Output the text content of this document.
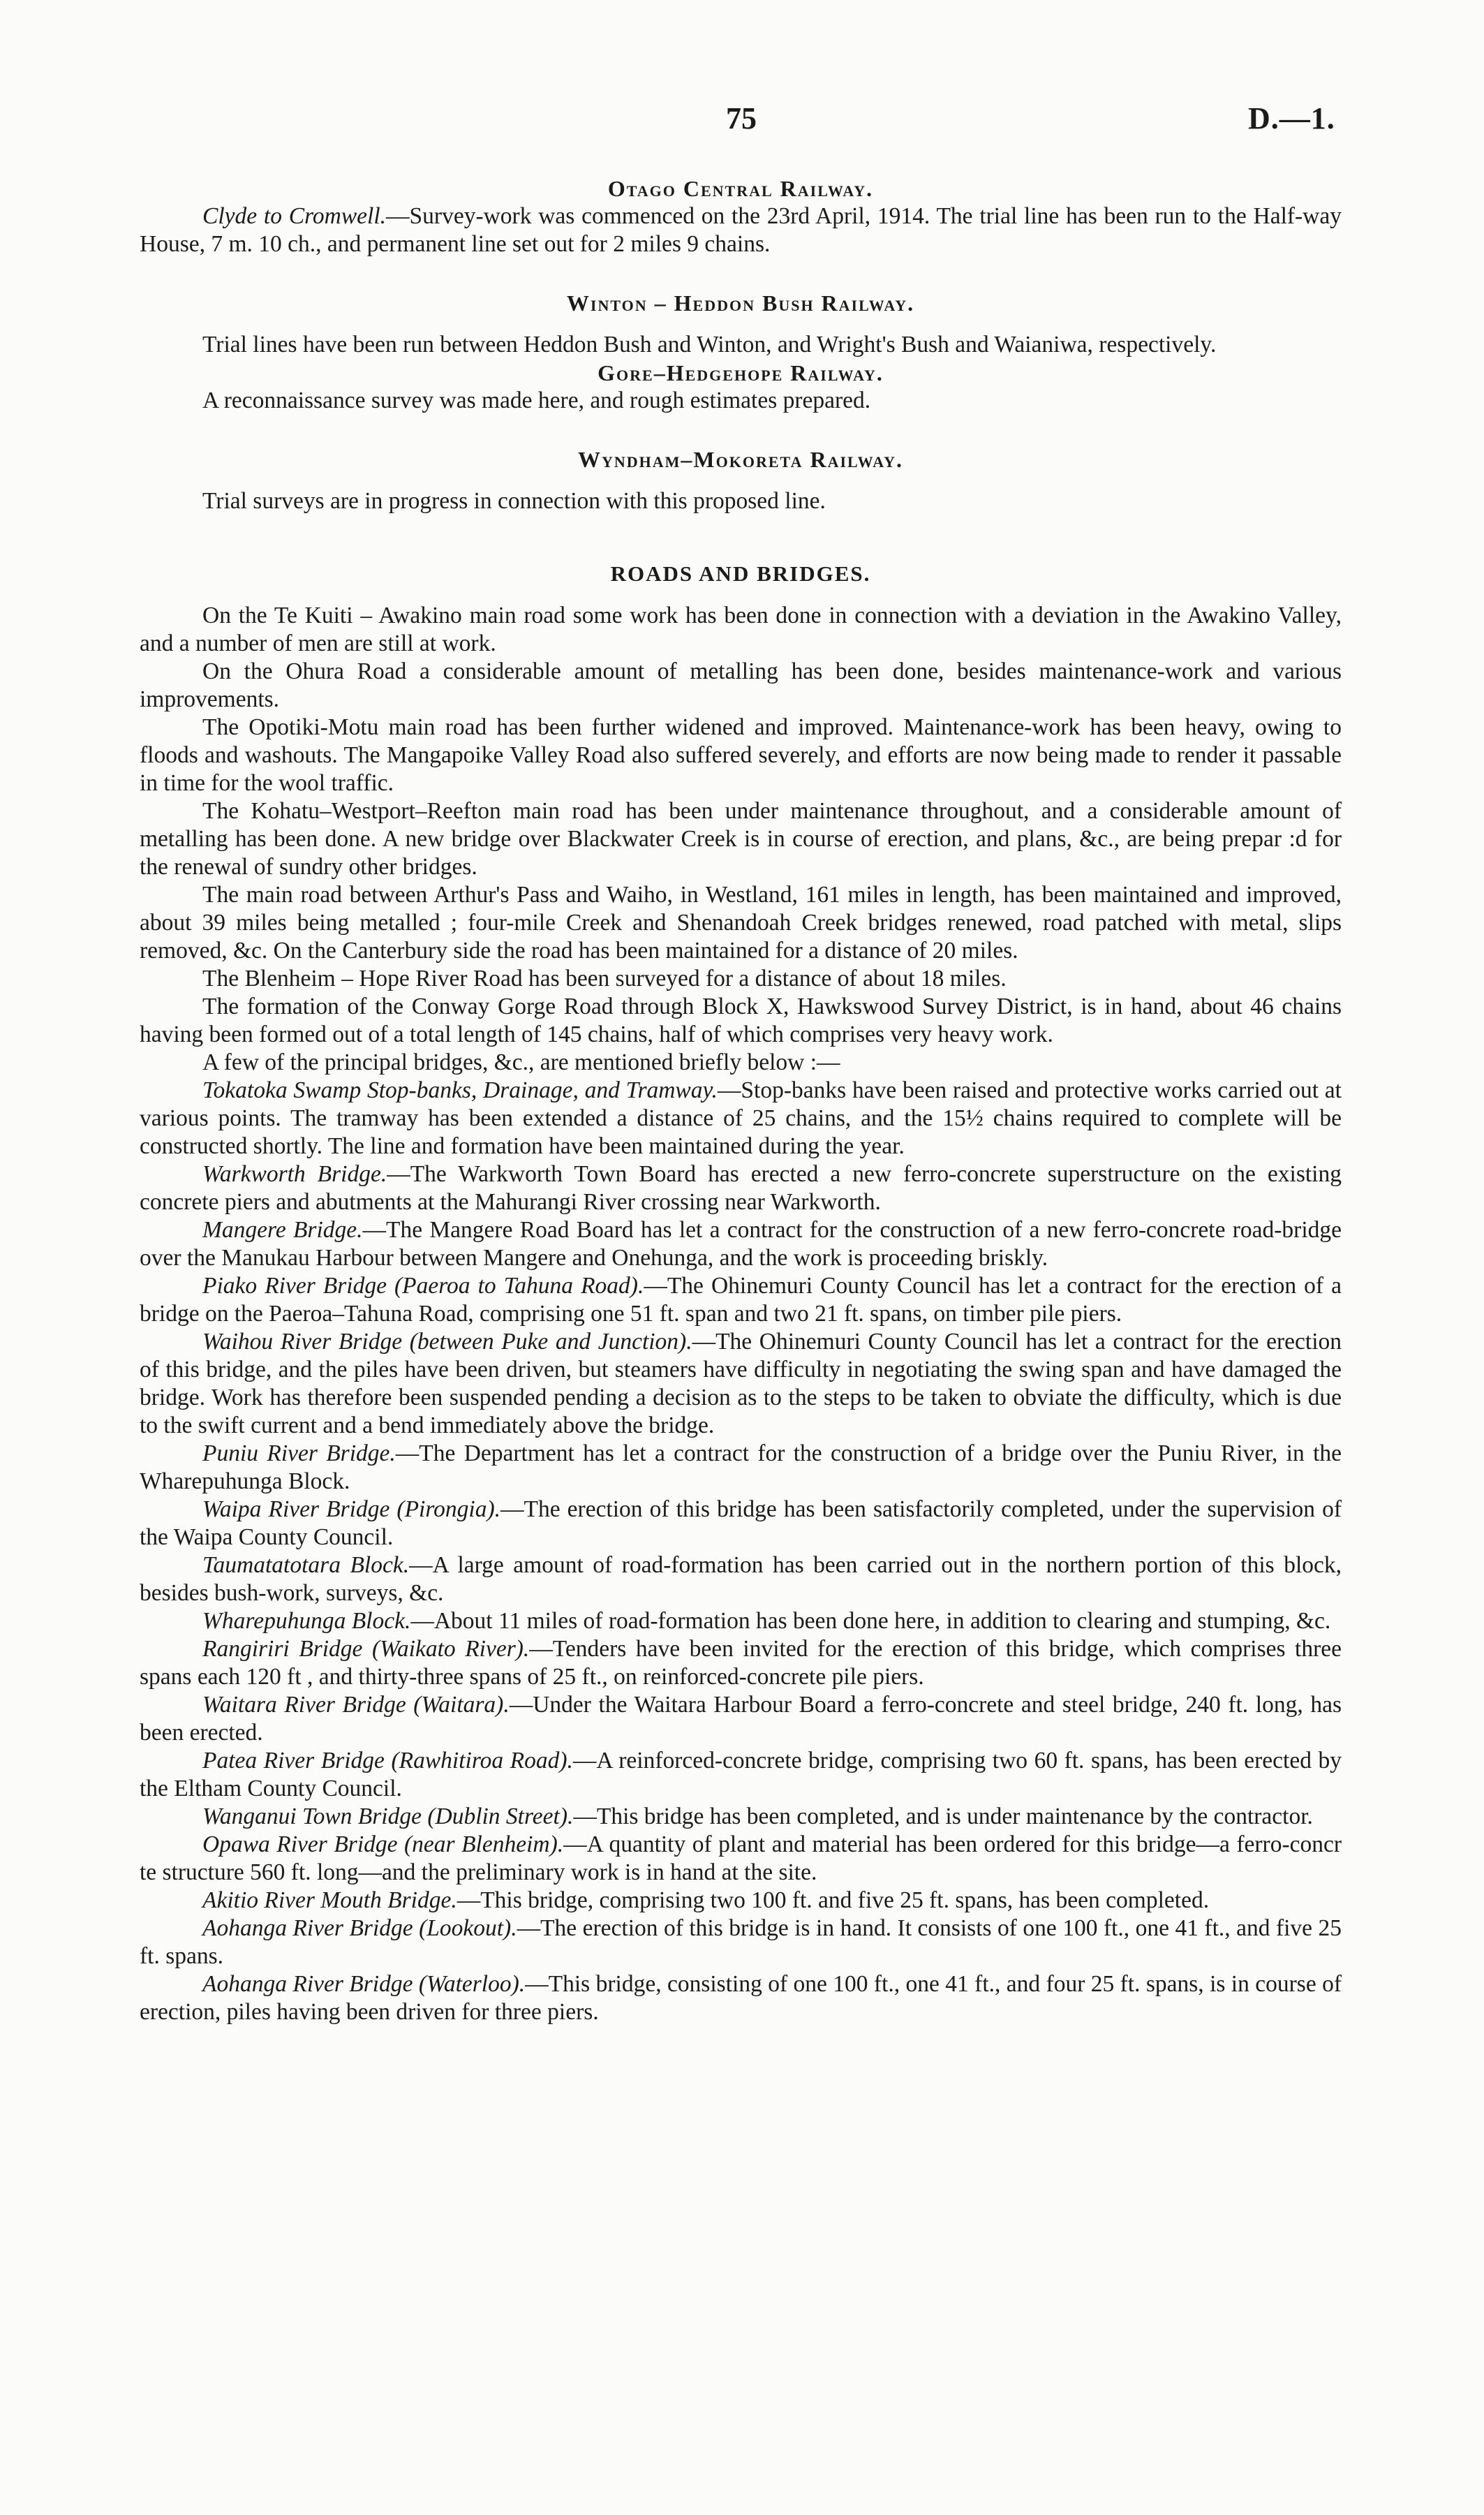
75	D.—1.
Otago Central Railway.

Clyde to Cromwell.—Survey-work was commenced on the 23rd April, 1914. The trial line has been run to the Half-way House, 7 m. 10 ch., and permanent line set out for 2 miles 9 chains.

Winton – Heddon Bush Railway.

Trial lines have been run between Heddon Bush and Winton, and Wright's Bush and Waianiwa, respectively.

Gore–Hedgehope Railway.

A reconnaissance survey was made here, and rough estimates prepared.

Wyndham–Mokoreta Railway.

Trial surveys are in progress in connection with this proposed line.

ROADS AND BRIDGES.

On the Te Kuiti – Awakino main road some work has been done in connection with a deviation in the Awakino Valley, and a number of men are still at work.

On the Ohura Road a considerable amount of metalling has been done, besides maintenance-work and various improvements.

The Opotiki-Motu main road has been further widened and improved. Maintenance-work has been heavy, owing to floods and washouts. The Mangapoike Valley Road also suffered severely, and efforts are now being made to render it passable in time for the wool traffic.

The Kohatu–Westport–Reefton main road has been under maintenance throughout, and a considerable amount of metalling has been done. A new bridge over Blackwater Creek is in course of erection, and plans, &c., are being prepar :d for the renewal of sundry other bridges.

The main road between Arthur's Pass and Waiho, in Westland, 161 miles in length, has been maintained and improved, about 39 miles being metalled ; four-mile Creek and Shenandoah Creek bridges renewed, road patched with metal, slips removed, &c. On the Canterbury side the road has been maintained for a distance of 20 miles.

The Blenheim – Hope River Road has been surveyed for a distance of about 18 miles.

The formation of the Conway Gorge Road through Block X, Hawkswood Survey District, is in hand, about 46 chains having been formed out of a total length of 145 chains, half of which comprises very heavy work.

A few of the principal bridges, &c., are mentioned briefly below :—

Tokatoka Swamp Stop-banks, Drainage, and Tramway.—Stop-banks have been raised and protective works carried out at various points. The tramway has been extended a distance of 25 chains, and the 15½ chains required to complete will be constructed shortly. The line and formation have been maintained during the year.

Warkworth Bridge.—The Warkworth Town Board has erected a new ferro-concrete superstructure on the existing concrete piers and abutments at the Mahurangi River crossing near Warkworth.

Mangere Bridge.—The Mangere Road Board has let a contract for the construction of a new ferro-concrete road-bridge over the Manukau Harbour between Mangere and Onehunga, and the work is proceeding briskly.

Piako River Bridge (Paeroa to Tahuna Road).—The Ohinemuri County Council has let a contract for the erection of a bridge on the Paeroa–Tahuna Road, comprising one 51 ft. span and two 21 ft. spans, on timber pile piers.

Waihou River Bridge (between Puke and Junction).—The Ohinemuri County Council has let a contract for the erection of this bridge, and the piles have been driven, but steamers have difficulty in negotiating the swing span and have damaged the bridge. Work has therefore been suspended pending a decision as to the steps to be taken to obviate the difficulty, which is due to the swift current and a bend immediately above the bridge.

Puniu River Bridge.—The Department has let a contract for the construction of a bridge over the Puniu River, in the Wharepuhunga Block.

Waipa River Bridge (Pirongia).—The erection of this bridge has been satisfactorily completed, under the supervision of the Waipa County Council.

Taumatatotara Block.—A large amount of road-formation has been carried out in the northern portion of this block, besides bush-work, surveys, &c.

Wharepuhunga Block.—About 11 miles of road-formation has been done here, in addition to clearing and stumping, &c.

Rangiriri Bridge (Waikato River).—Tenders have been invited for the erection of this bridge, which comprises three spans each 120 ft , and thirty-three spans of 25 ft., on reinforced-concrete pile piers.

Waitara River Bridge (Waitara).—Under the Waitara Harbour Board a ferro-concrete and steel bridge, 240 ft. long, has been erected.

Patea River Bridge (Rawhitiroa Road).—A reinforced-concrete bridge, comprising two 60 ft. spans, has been erected by the Eltham County Council.

Wanganui Town Bridge (Dublin Street).—This bridge has been completed, and is under maintenance by the contractor.

Opawa River Bridge (near Blenheim).—A quantity of plant and material has been ordered for this bridge—a ferro-concr te structure 560 ft. long—and the preliminary work is in hand at the site.

Akitio River Mouth Bridge.—This bridge, comprising two 100 ft. and five 25 ft. spans, has been completed.

Aohanga River Bridge (Lookout).—The erection of this bridge is in hand. It consists of one 100 ft., one 41 ft., and five 25 ft. spans.

Aohanga River Bridge (Waterloo).—This bridge, consisting of one 100 ft., one 41 ft., and four 25 ft. spans, is in course of erection, piles having been driven for three piers.
